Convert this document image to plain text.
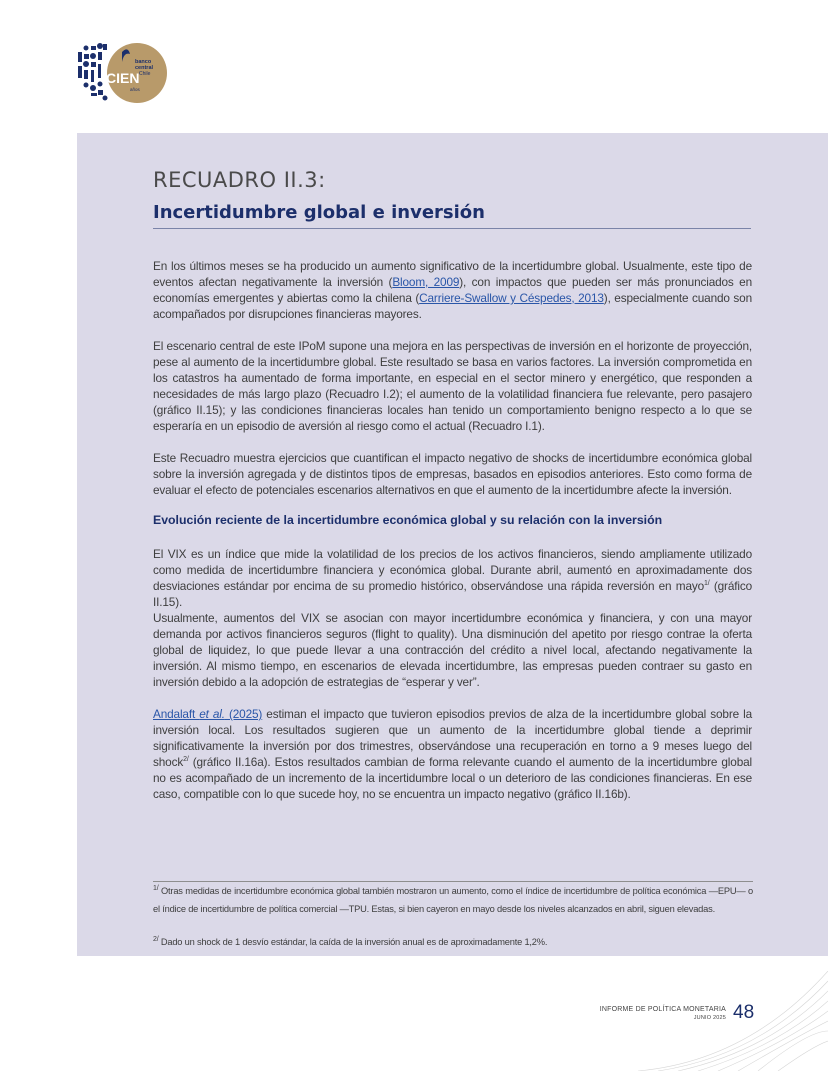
banco
central
Chile
CIEN
años
RECUADRO II.3:
Incertidumbre global e inversión

En los últimos meses se ha producido un aumento significativo de la incertidumbre global. Usualmente, este tipo de eventos afectan negativamente la inversión (Bloom, 2009), con impactos que pueden ser más pronunciados en economías emergentes y abiertas como la chilena (Carriere-Swallow y Céspedes, 2013), especialmente cuando son acompañados por disrupciones financieras mayores.

El escenario central de este IPoM supone una mejora en las perspectivas de inversión en el horizonte de proyección, pese al aumento de la incertidumbre global. Este resultado se basa en varios factores. La inversión comprometida en los catastros ha aumentado de forma importante, en especial en el sector minero y energético, que responden a necesidades de más largo plazo (Recuadro I.2); el aumento de la volatilidad financiera fue relevante, pero pasajero (gráfico II.15); y las condiciones financieras locales han tenido un comportamiento benigno respecto a lo que se esperaría en un episodio de aversión al riesgo como el actual (Recuadro I.1).

Este Recuadro muestra ejercicios que cuantifican el impacto negativo de shocks de incertidumbre económica global sobre la inversión agregada y de distintos tipos de empresas, basados en episodios anteriores. Esto como forma de evaluar el efecto de potenciales escenarios alternativos en que el aumento de la incertidumbre afecte la inversión.

Evolución reciente de la incertidumbre económica global y su relación con la inversión

El VIX es un índice que mide la volatilidad de los precios de los activos financieros, siendo ampliamente utilizado como medida de incertidumbre financiera y económica global. Durante abril, aumentó en aproximadamente dos desviaciones estándar por encima de su promedio histórico, observándose una rápida reversión en mayo$^{1/}$ (gráfico II.15).

Usualmente, aumentos del VIX se asocian con mayor incertidumbre económica y financiera, y con una mayor demanda por activos financieros seguros (flight to quality). Una disminución del apetito por riesgo contrae la oferta global de liquidez, lo que puede llevar a una contracción del crédito a nivel local, afectando negativamente la inversión. Al mismo tiempo, en escenarios de elevada incertidumbre, las empresas pueden contraer su gasto en inversión debido a la adopción de estrategias de “esperar y ver”.

Andalaft et al. (2025) estiman el impacto que tuvieron episodios previos de alza de la incertidumbre global sobre la inversión local. Los resultados sugieren que un aumento de la incertidumbre global tiende a deprimir significativamente la inversión por dos trimestres, observándose una recuperación en torno a 9 meses luego del shock$^{2/}$ (gráfico II.16a). Estos resultados cambian de forma relevante cuando el aumento de la incertidumbre global no es acompañado de un incremento de la incertidumbre local o un deterioro de las condiciones financieras. En ese caso, compatible con lo que sucede hoy, no se encuentra un impacto negativo (gráfico II.16b).

$^{1/}$ Otras medidas de incertidumbre económica global también mostraron un aumento, como el índice de incertidumbre de política económica —EPU— o el índice de incertidumbre de política comercial —TPU. Estas, si bien cayeron en mayo desde los niveles alcanzados en abril, siguen elevadas.

$^{2/}$ Dado un shock de 1 desvío estándar, la caída de la inversión anual es de aproximadamente 1,2%.

INFORME DE POLÍTICA MONETARIA
JUNIO 2025 48
